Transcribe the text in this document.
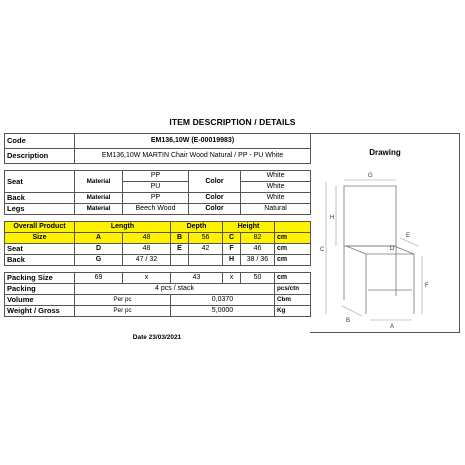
ITEM DESCRIPTION / DETAILS
Code	EM136,10W (E-00019983)						
Description	EM136,10W MARTIN Chair Wood Natural / PP - PU White						

Seat	Material	PP		Color		White	
		PU				White	
Back	Material	PP		Color		White	
Legs	Material	Beech Wood		Color		Natural	

Overall Product	Length		Depth		Height		
Size	A	48	B	56	C	82	cm
Seat	D	48	E	42	F	46	cm
Back	G	47 / 32			H	38 / 36	cm

Packing Size	69	x	43		x	50	cm
Packing	4 pcs / stack						pcs/ctn
Volume	Per pc		0,0370				Cbm
Weight / Gross	Per pc		5,0000				Kg
Date 23/03/2021
Drawing
G
H
C
E
D
F
B
A
